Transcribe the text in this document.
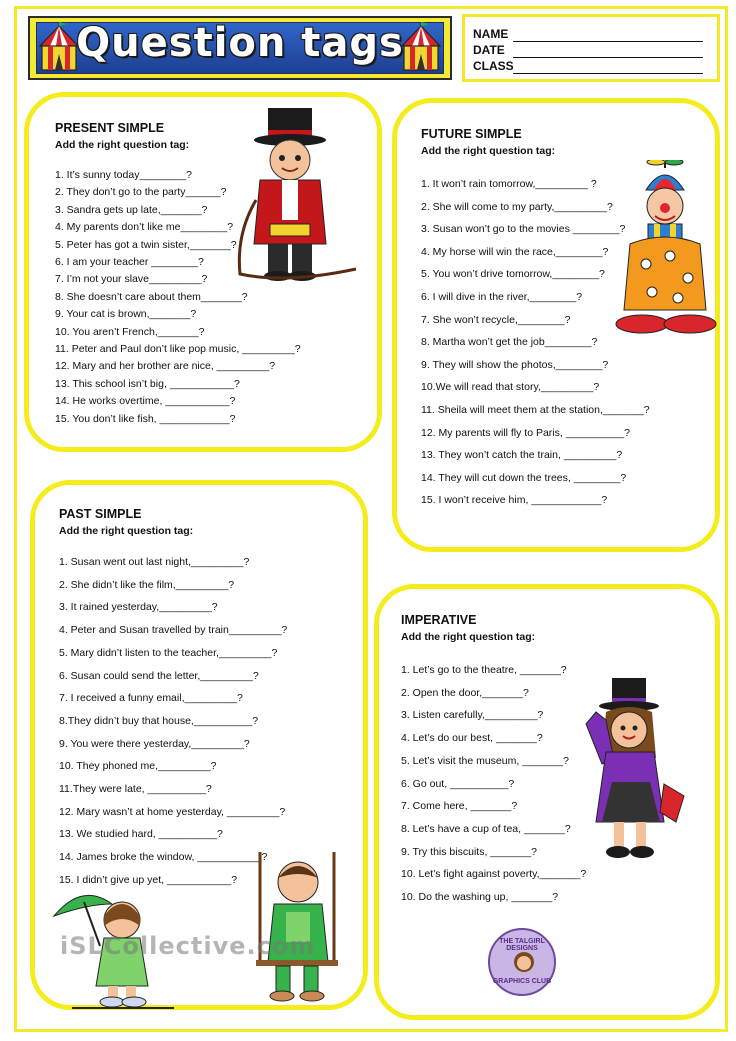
Question tags	NAME
DATE
CLASS
PRESENT SIMPLE
Add the right question tag:
1. It’s sunny today________?
2. They don’t go to the party______?
3. Sandra gets up late,_______?
4. My parents don’t like me________?
5. Peter has got a twin sister,_______?
6. I am your teacher ________?
7. I’m not your slave_________?
8. She doesn’t care about them_______?
9. Your cat is brown,_______?
10. You aren’t French,_______?
11. Peter and Paul don’t like pop music, _________?
12. Mary and her brother are nice, _________?
13. This school isn’t big, ___________?
14. He works overtime, ___________?
15. You don’t like fish, ____________?
FUTURE SIMPLE
Add the right question tag:
1. It won’t rain tomorrow,_________ ?
2. She will come to my party,_________?
3. Susan won’t go to the movies ________?
4. My horse will win the race,________?
5. You won’t drive tomorrow,________?
6. I will dive in the river,________?
7. She won’t recycle,________?
8. Martha won’t get the job________?
9. They will show the photos,________?
10.We will read that story,_________?
11. Sheila will meet them at the station,_______?
12. My parents will fly to Paris, __________?
13. They won’t catch the train, _________?
14. They will cut down the trees, ________?
15. I won’t receive him, ____________?
PAST SIMPLE
Add the right question tag:
1. Susan went out last night,_________?
2. She didn’t like the film,_________?
3. It rained yesterday,_________?
4. Peter and Susan travelled by train_________?
5. Mary didn’t listen to the teacher,_________?
6. Susan could send the letter,_________?
7. I received a funny email,_________?
8.They didn’t buy that house,__________?
9. You were there yesterday,_________?
10. They phoned me,_________?
11.They were late, __________?
12. Mary wasn’t at home yesterday, _________?
13. We studied hard, __________?
14. James broke the window, ___________?
15. I didn’t give up yet, ___________?
IMPERATIVE
Add the right question tag:
1. Let’s go to the theatre, _______?
2. Open the door,_______?
3. Listen carefully,_________?
4. Let’s do our best, _______?
5. Let’s visit the museum, _______?
6. Go out, __________?
7. Come here, _______?
8. Let’s have a cup of tea, _______?
9. Try this biscuits, _______?
10. Let’s fight against poverty,_______?
10. Do the washing up, _______?
iSLCollective.com	THE TALGIRL DESIGNS
GRAPHICS CLUB
